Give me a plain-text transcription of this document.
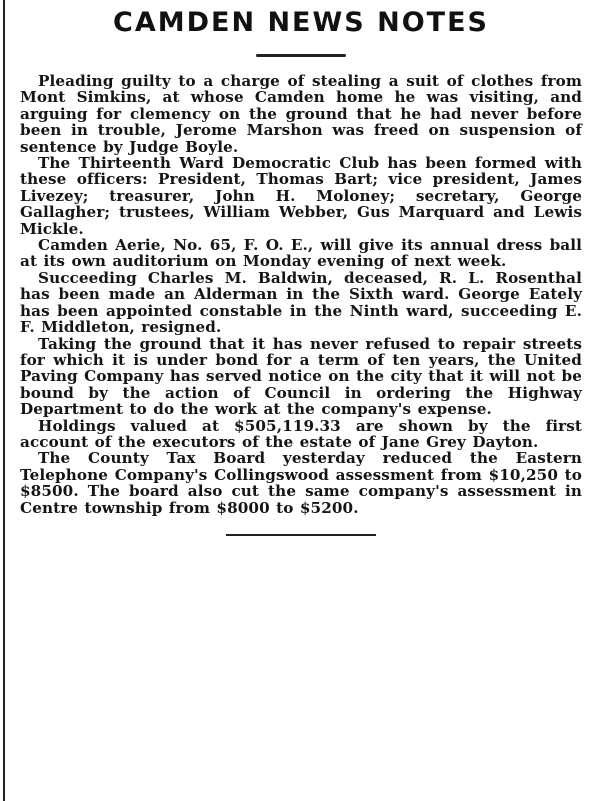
CAMDEN NEWS NOTES

Pleading guilty to a charge of stealing a suit of clothes from Mont Simkins, at whose Camden home he was visiting, and arguing for clemency on the ground that he had never before been in trouble, Jerome Marshon was freed on suspension of sentence by Judge Boyle.

The Thirteenth Ward Democratic Club has been formed with these officers: President, Thomas Bart; vice president, James Livezey; treasurer, John H. Moloney; secretary, George Gallagher; trustees, William Webber, Gus Marquard and Lewis Mickle.

Camden Aerie, No. 65, F. O. E., will give its annual dress ball at its own auditorium on Monday evening of next week.

Succeeding Charles M. Baldwin, deceased, R. L. Rosenthal has been made an Alderman in the Sixth ward. George Eately has been appointed constable in the Ninth ward, succeeding E. F. Middleton, resigned.

Taking the ground that it has never refused to repair streets for which it is under bond for a term of ten years, the United Paving Company has served notice on the city that it will not be bound by the action of Council in ordering the Highway Department to do the work at the company's expense.

Holdings valued at $505,119.33 are shown by the first account of the executors of the estate of Jane Grey Dayton.

The County Tax Board yesterday reduced the Eastern Telephone Company's Collingswood assessment from $10,250 to $8500. The board also cut the same company's assessment in Centre township from $8000 to $5200.
